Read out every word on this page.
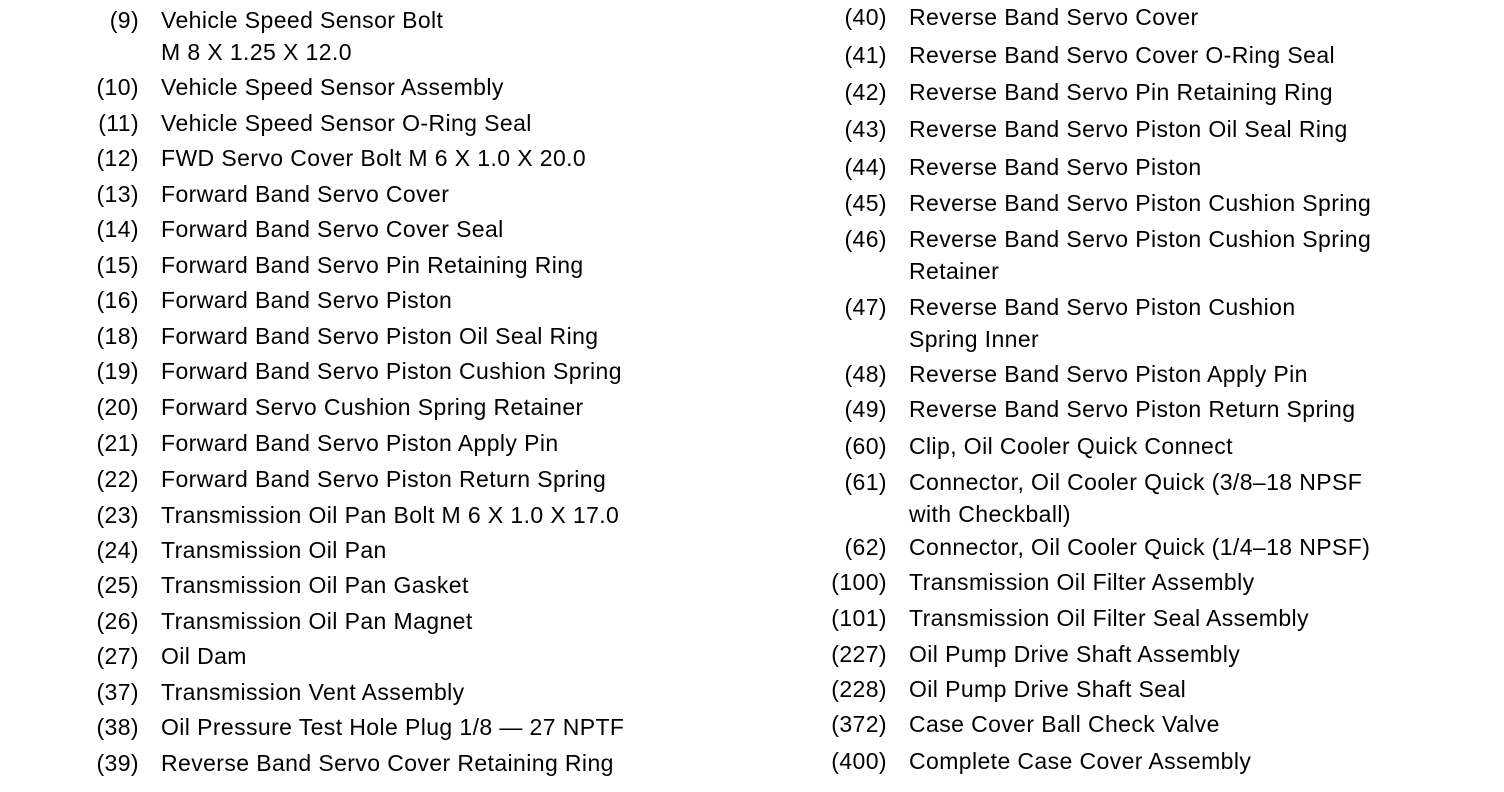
(9) Vehicle Speed Sensor Bolt
M 8 X 1.25 X 12.0
(10) Vehicle Speed Sensor Assembly
(11) Vehicle Speed Sensor O-Ring Seal
(12) FWD Servo Cover Bolt M 6 X 1.0 X 20.0
(13) Forward Band Servo Cover
(14) Forward Band Servo Cover Seal
(15) Forward Band Servo Pin Retaining Ring
(16) Forward Band Servo Piston
(18) Forward Band Servo Piston Oil Seal Ring
(19) Forward Band Servo Piston Cushion Spring
(20) Forward Servo Cushion Spring Retainer
(21) Forward Band Servo Piston Apply Pin
(22) Forward Band Servo Piston Return Spring
(23) Transmission Oil Pan Bolt M 6 X 1.0 X 17.0
(24) Transmission Oil Pan
(25) Transmission Oil Pan Gasket
(26) Transmission Oil Pan Magnet
(27) Oil Dam
(37) Transmission Vent Assembly
(38) Oil Pressure Test Hole Plug 1/8 — 27 NPTF
(39) Reverse Band Servo Cover Retaining Ring
(40) Reverse Band Servo Cover
(41) Reverse Band Servo Cover O-Ring Seal
(42) Reverse Band Servo Pin Retaining Ring
(43) Reverse Band Servo Piston Oil Seal Ring
(44) Reverse Band Servo Piston
(45) Reverse Band Servo Piston Cushion Spring
(46) Reverse Band Servo Piston Cushion Spring
Retainer
(47) Reverse Band Servo Piston Cushion
Spring Inner
(48) Reverse Band Servo Piston Apply Pin
(49) Reverse Band Servo Piston Return Spring
(60) Clip, Oil Cooler Quick Connect
(61) Connector, Oil Cooler Quick (3/8–18 NPSF
with Checkball)
(62) Connector, Oil Cooler Quick (1/4–18 NPSF)
(100) Transmission Oil Filter Assembly
(101) Transmission Oil Filter Seal Assembly
(227) Oil Pump Drive Shaft Assembly
(228) Oil Pump Drive Shaft Seal
(372) Case Cover Ball Check Valve
(400) Complete Case Cover Assembly
